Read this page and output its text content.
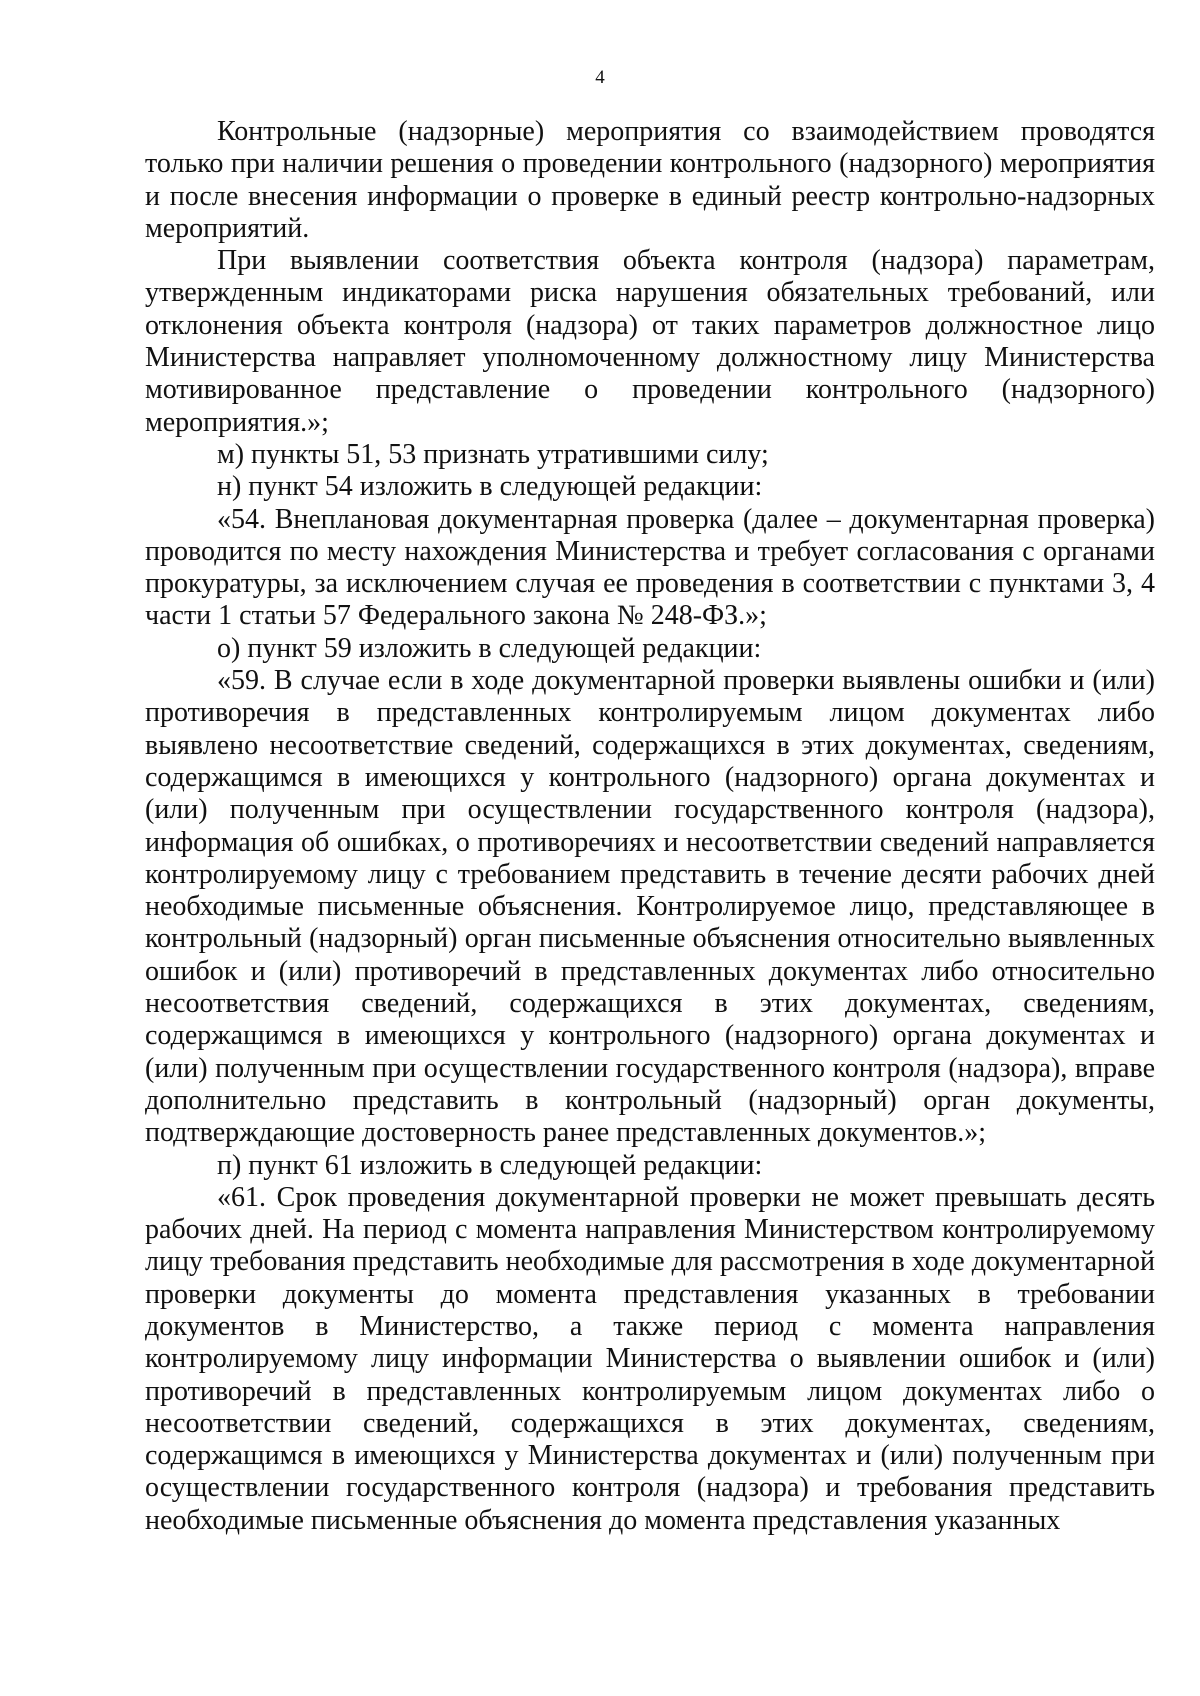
4

Контрольные (надзорные) мероприятия со взаимодействием проводятся только при наличии решения о проведении контрольного (надзорного) мероприятия и после внесения информации о проверке в единый реестр контрольно-надзорных мероприятий.

При выявлении соответствия объекта контроля (надзора) параметрам, утвержденным индикаторами риска нарушения обязательных требований, или отклонения объекта контроля (надзора) от таких параметров должностное лицо Министерства направляет уполномоченному должностному лицу Министерства мотивированное представление о проведении контрольного (надзорного) мероприятия.»;

м) пункты 51, 53 признать утратившими силу;

н) пункт 54 изложить в следующей редакции:

«54. Внеплановая документарная проверка (далее – документарная проверка) проводится по месту нахождения Министерства и требует согласования с органами прокуратуры, за исключением случая ее проведения в соответствии с пунктами 3, 4 части 1 статьи 57 Федерального закона № 248-ФЗ.»;

о) пункт 59 изложить в следующей редакции:

«59. В случае если в ходе документарной проверки выявлены ошибки и (или) противоречия в представленных контролируемым лицом документах либо выявлено несоответствие сведений, содержащихся в этих документах, сведениям, содержащимся в имеющихся у контрольного (надзорного) органа документах и (или) полученным при осуществлении государственного контроля (надзора), информация об ошибках, о противоречиях и несоответствии сведений направляется контролируемому лицу с требованием представить в течение десяти рабочих дней необходимые письменные объяснения. Контролируемое лицо, представляющее в контрольный (надзорный) орган письменные объяснения относительно выявленных ошибок и (или) противоречий в представленных документах либо относительно несоответствия сведений, содержащихся в этих документах, сведениям, содержащимся в имеющихся у контрольного (надзорного) органа документах и (или) полученным при осуществлении государственного контроля (надзора), вправе дополнительно представить в контрольный (надзорный) орган документы, подтверждающие достоверность ранее представленных документов.»;

п) пункт 61 изложить в следующей редакции:

«61. Срок проведения документарной проверки не может превышать десять рабочих дней. На период с момента направления Министерством контролируемому лицу требования представить необходимые для рассмотрения в ходе документарной проверки документы до момента представления указанных в требовании документов в Министерство, а также период с момента направления контролируемому лицу информации Министерства о выявлении ошибок и (или) противоречий в представленных контролируемым лицом документах либо о несоответствии сведений, содержащихся в этих документах, сведениям, содержащимся в имеющихся у Министерства документах и (или) полученным при осуществлении государственного контроля (надзора) и требования представить необходимые письменные объяснения до момента представления указанных
